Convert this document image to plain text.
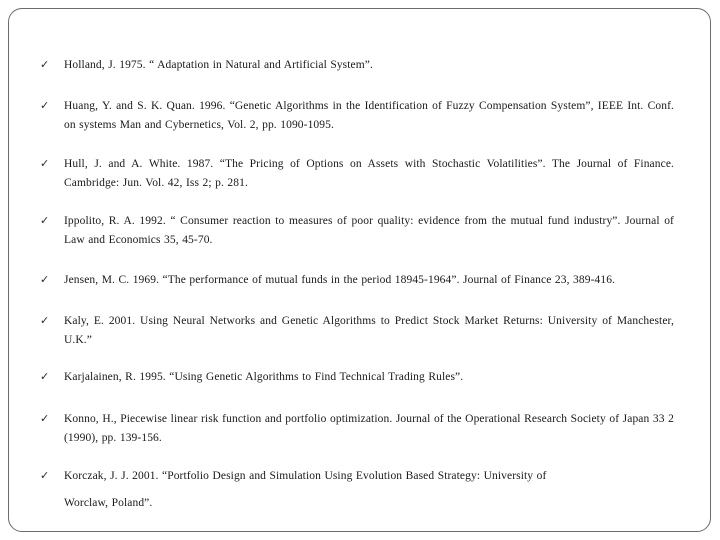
✓	Holland, J. 1975. “ Adaptation in Natural and Artificial System”.
✓	Huang, Y. and S. K. Quan. 1996. “Genetic Algorithms in the Identification of Fuzzy Compensation System”, IEEE Int. Conf. on systems Man and Cybernetics, Vol. 2, pp. 1090-1095.
✓	Hull, J. and A. White. 1987. “The Pricing of Options on Assets with Stochastic Volatilities”. The Journal of Finance. Cambridge: Jun. Vol. 42, Iss 2; p. 281.
✓	Ippolito, R. A. 1992. “ Consumer reaction to measures of poor quality: evidence from the mutual fund industry”. Journal of Law and Economics 35, 45-70.
✓	Jensen, M. C. 1969. “The performance of mutual funds in the period 18945-1964”. Journal of Finance 23, 389-416.
✓	Kaly, E. 2001. Using Neural Networks and Genetic Algorithms to Predict Stock Market Returns: University of Manchester, U.K.”
✓	Karjalainen, R. 1995. “Using Genetic Algorithms to Find Technical Trading Rules”.
✓	Konno, H., Piecewise linear risk function and portfolio optimization. Journal of the Operational Research Society of Japan 33 2 (1990), pp. 139-156.
✓	Korczak, J. J. 2001. “Portfolio Design and Simulation Using Evolution Based Strategy: University of
Worclaw, Poland”.
